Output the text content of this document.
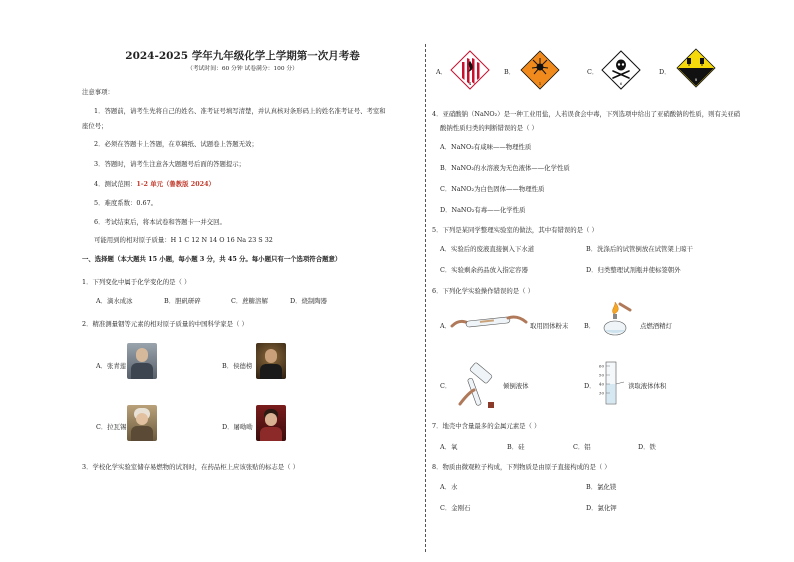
2024-2025 学年九年级化学上学期第一次月考卷
（考试时间：60 分钟 试卷满分：100 分）
注意事项：
1．答题前，请考生先将自己的姓名、准考证号填写清楚，并认真核对条形码上的姓名准考证号、考室和
座位号；
2．必须在答题卡上答题，在草稿纸、试题卷上答题无效；
3．答题时，请考生注意各大题题号后面的答题提示；
4．测试范围：1-2 单元（鲁教版 2024）
5．难度系数：0.67。
6．考试结束后，将本试卷和答题卡一并交回。
可能用到的相对原子质量：H 1 C 12 N 14 O 16 Na 23 S 32
一、选择题（本大题共 15 小题，每小题 3 分，共 45 分。每小题只有一个选项符合题意）
1．下列变化中属于化学变化的是（ ）
A．滴水成冰	B．胆矾研碎	C．蔗糖溶解	D．烧制陶器
2．精准测量铟等元素的相对原子质量的中国科学家是（ ）
A．张青莲	B．侯德榜
C．拉瓦锡	D．屠呦呦
3．学校化学实验室储存易燃物的试剂时，在药品柜上应该张贴的标志是（ ）
A．
4
B．
1
C．
6
D．
8
4．亚硝酸钠（NaNO₂）是一种工业用盐，人若误食会中毒，下列选项中给出了亚硝酸钠的性质，则有关亚硝
酸钠性质归类的判断错误的是（ ）
A．NaNO₂有咸味——物理性质
B．NaNO₂的水溶液为无色液体——化学性质
C．NaNO₂为白色固体——物理性质
D．NaNO₂有毒——化学性质
5．下列是某同学整理实验室的做法，其中有错误的是（ ）
A．实验后的废液直接倒入下水道	B．洗涤后的试管倒放在试管架上晾干
C．实验剩余药品放入指定容器	D．归类整理试剂瓶并使标签朝外
6．下列化学实验操作错误的是（ ）
A．	取用固体粉末 B．	点燃酒精灯
C．	倾倒液体	D．
60
50
40
30
读取液体体积
7．地壳中含量最多的金属元素是（ ）
A．氧	B．硅	C．铝	D．铁
8．物质由微观粒子构成，下列物质是由原子直接构成的是（ ）
A．水	B．氯化镁
C．金刚石	D．氯化钾
